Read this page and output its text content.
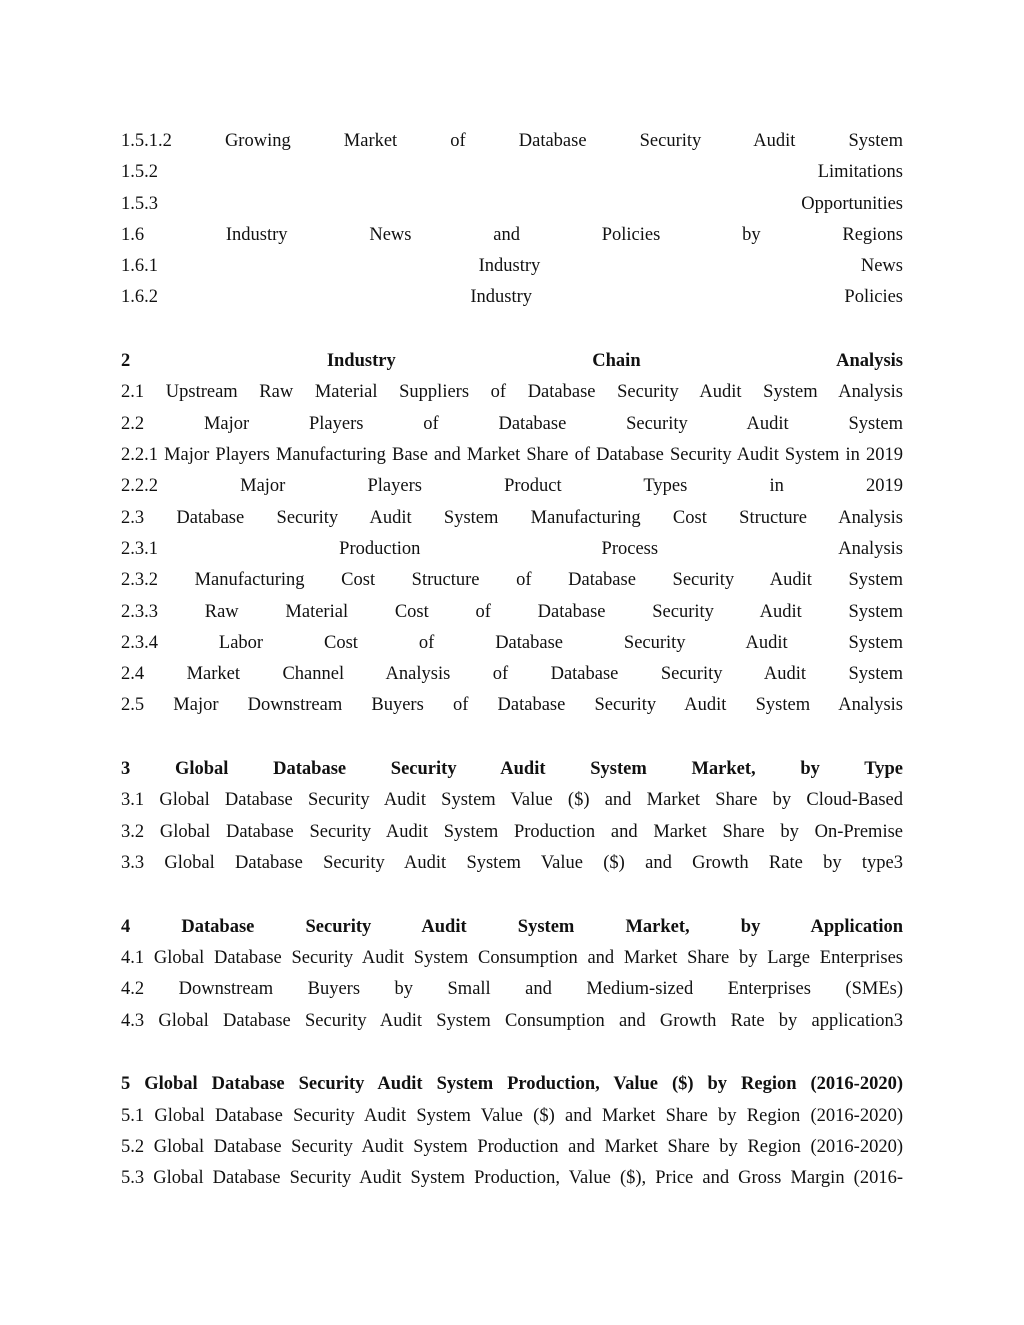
1.5.1.2 Growing Market of Database Security Audit System
1.5.2 Limitations
1.5.3 Opportunities
1.6 Industry News and Policies by Regions
1.6.1 Industry News
1.6.2 Industry Policies
2 Industry Chain Analysis
2.1 Upstream Raw Material Suppliers of Database Security Audit System Analysis
2.2 Major Players of Database Security Audit System
2.2.1 Major Players Manufacturing Base and Market Share of Database Security Audit System in 2019
2.2.2 Major Players Product Types in 2019
2.3 Database Security Audit System Manufacturing Cost Structure Analysis
2.3.1 Production Process Analysis
2.3.2 Manufacturing Cost Structure of Database Security Audit System
2.3.3 Raw Material Cost of Database Security Audit System
2.3.4 Labor Cost of Database Security Audit System
2.4 Market Channel Analysis of Database Security Audit System
2.5 Major Downstream Buyers of Database Security Audit System Analysis
3 Global Database Security Audit System Market, by Type
3.1 Global Database Security Audit System Value ($) and Market Share by Cloud-Based
3.2 Global Database Security Audit System Production and Market Share by On-Premise
3.3 Global Database Security Audit System Value ($) and Growth Rate by type3
4 Database Security Audit System Market, by Application
4.1 Global Database Security Audit System Consumption and Market Share by Large Enterprises
4.2 Downstream Buyers by Small and Medium-sized Enterprises (SMEs)
4.3 Global Database Security Audit System Consumption and Growth Rate by application3
5 Global Database Security Audit System Production, Value ($) by Region (2016-2020)
5.1 Global Database Security Audit System Value ($) and Market Share by Region (2016-2020)
5.2 Global Database Security Audit System Production and Market Share by Region (2016-2020)
5.3 Global Database Security Audit System Production, Value ($), Price and Gross Margin (2016-
